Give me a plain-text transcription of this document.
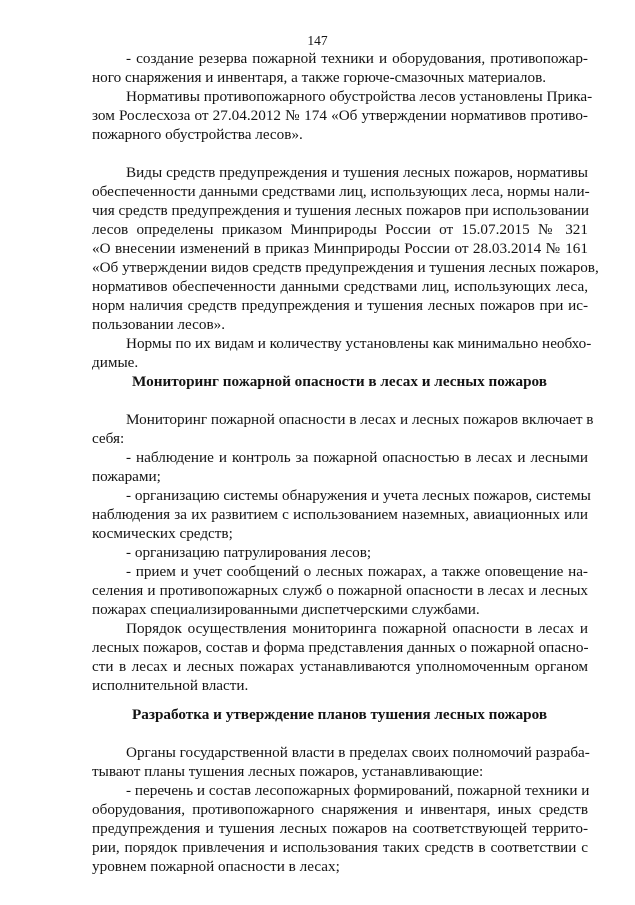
147
- создание резерва пожарной техники и оборудования, противопожар-
ного снаряжения и инвентаря, а также горюче-смазочных материалов.
Нормативы противопожарного обустройства лесов установлены Прика-
зом Рослесхоза от 27.04.2012 № 174 «Об утверждении нормативов противо-
пожарного обустройства лесов».
Виды средств предупреждения и тушения лесных пожаров, нормативы
обеспеченности данными средствами лиц, использующих леса, нормы нали-
чия средств предупреждения и тушения лесных пожаров при использовании
лесов определены приказом Минприроды России от 15.07.2015 № 321
«О внесении изменений в приказ Минприроды России от 28.03.2014 № 161
«Об утверждении видов средств предупреждения и тушения лесных пожаров,
нормативов обеспеченности данными средствами лиц, использующих леса,
норм наличия средств предупреждения и тушения лесных пожаров при ис-
пользовании лесов».
Нормы по их видам и количеству установлены как минимально необхо-
димые.
Мониторинг пожарной опасности в лесах и лесных пожаров
Мониторинг пожарной опасности в лесах и лесных пожаров включает в
себя:
- наблюдение и контроль за пожарной опасностью в лесах и лесными
пожарами;
- организацию системы обнаружения и учета лесных пожаров, системы
наблюдения за их развитием с использованием наземных, авиационных или
космических средств;
- организацию патрулирования лесов;
- прием и учет сообщений о лесных пожарах, а также оповещение на-
селения и противопожарных служб о пожарной опасности в лесах и лесных
пожарах специализированными диспетчерскими службами.
Порядок осуществления мониторинга пожарной опасности в лесах и
лесных пожаров, состав и форма представления данных о пожарной опасно-
сти в лесах и лесных пожарах устанавливаются уполномоченным органом
исполнительной власти.
Разработка и утверждение планов тушения лесных пожаров
Органы государственной власти в пределах своих полномочий разраба-
тывают планы тушения лесных пожаров, устанавливающие:
- перечень и состав лесопожарных формирований, пожарной техники и
оборудования, противопожарного снаряжения и инвентаря, иных средств
предупреждения и тушения лесных пожаров на соответствующей террито-
рии, порядок привлечения и использования таких средств в соответствии с
уровнем пожарной опасности в лесах;
